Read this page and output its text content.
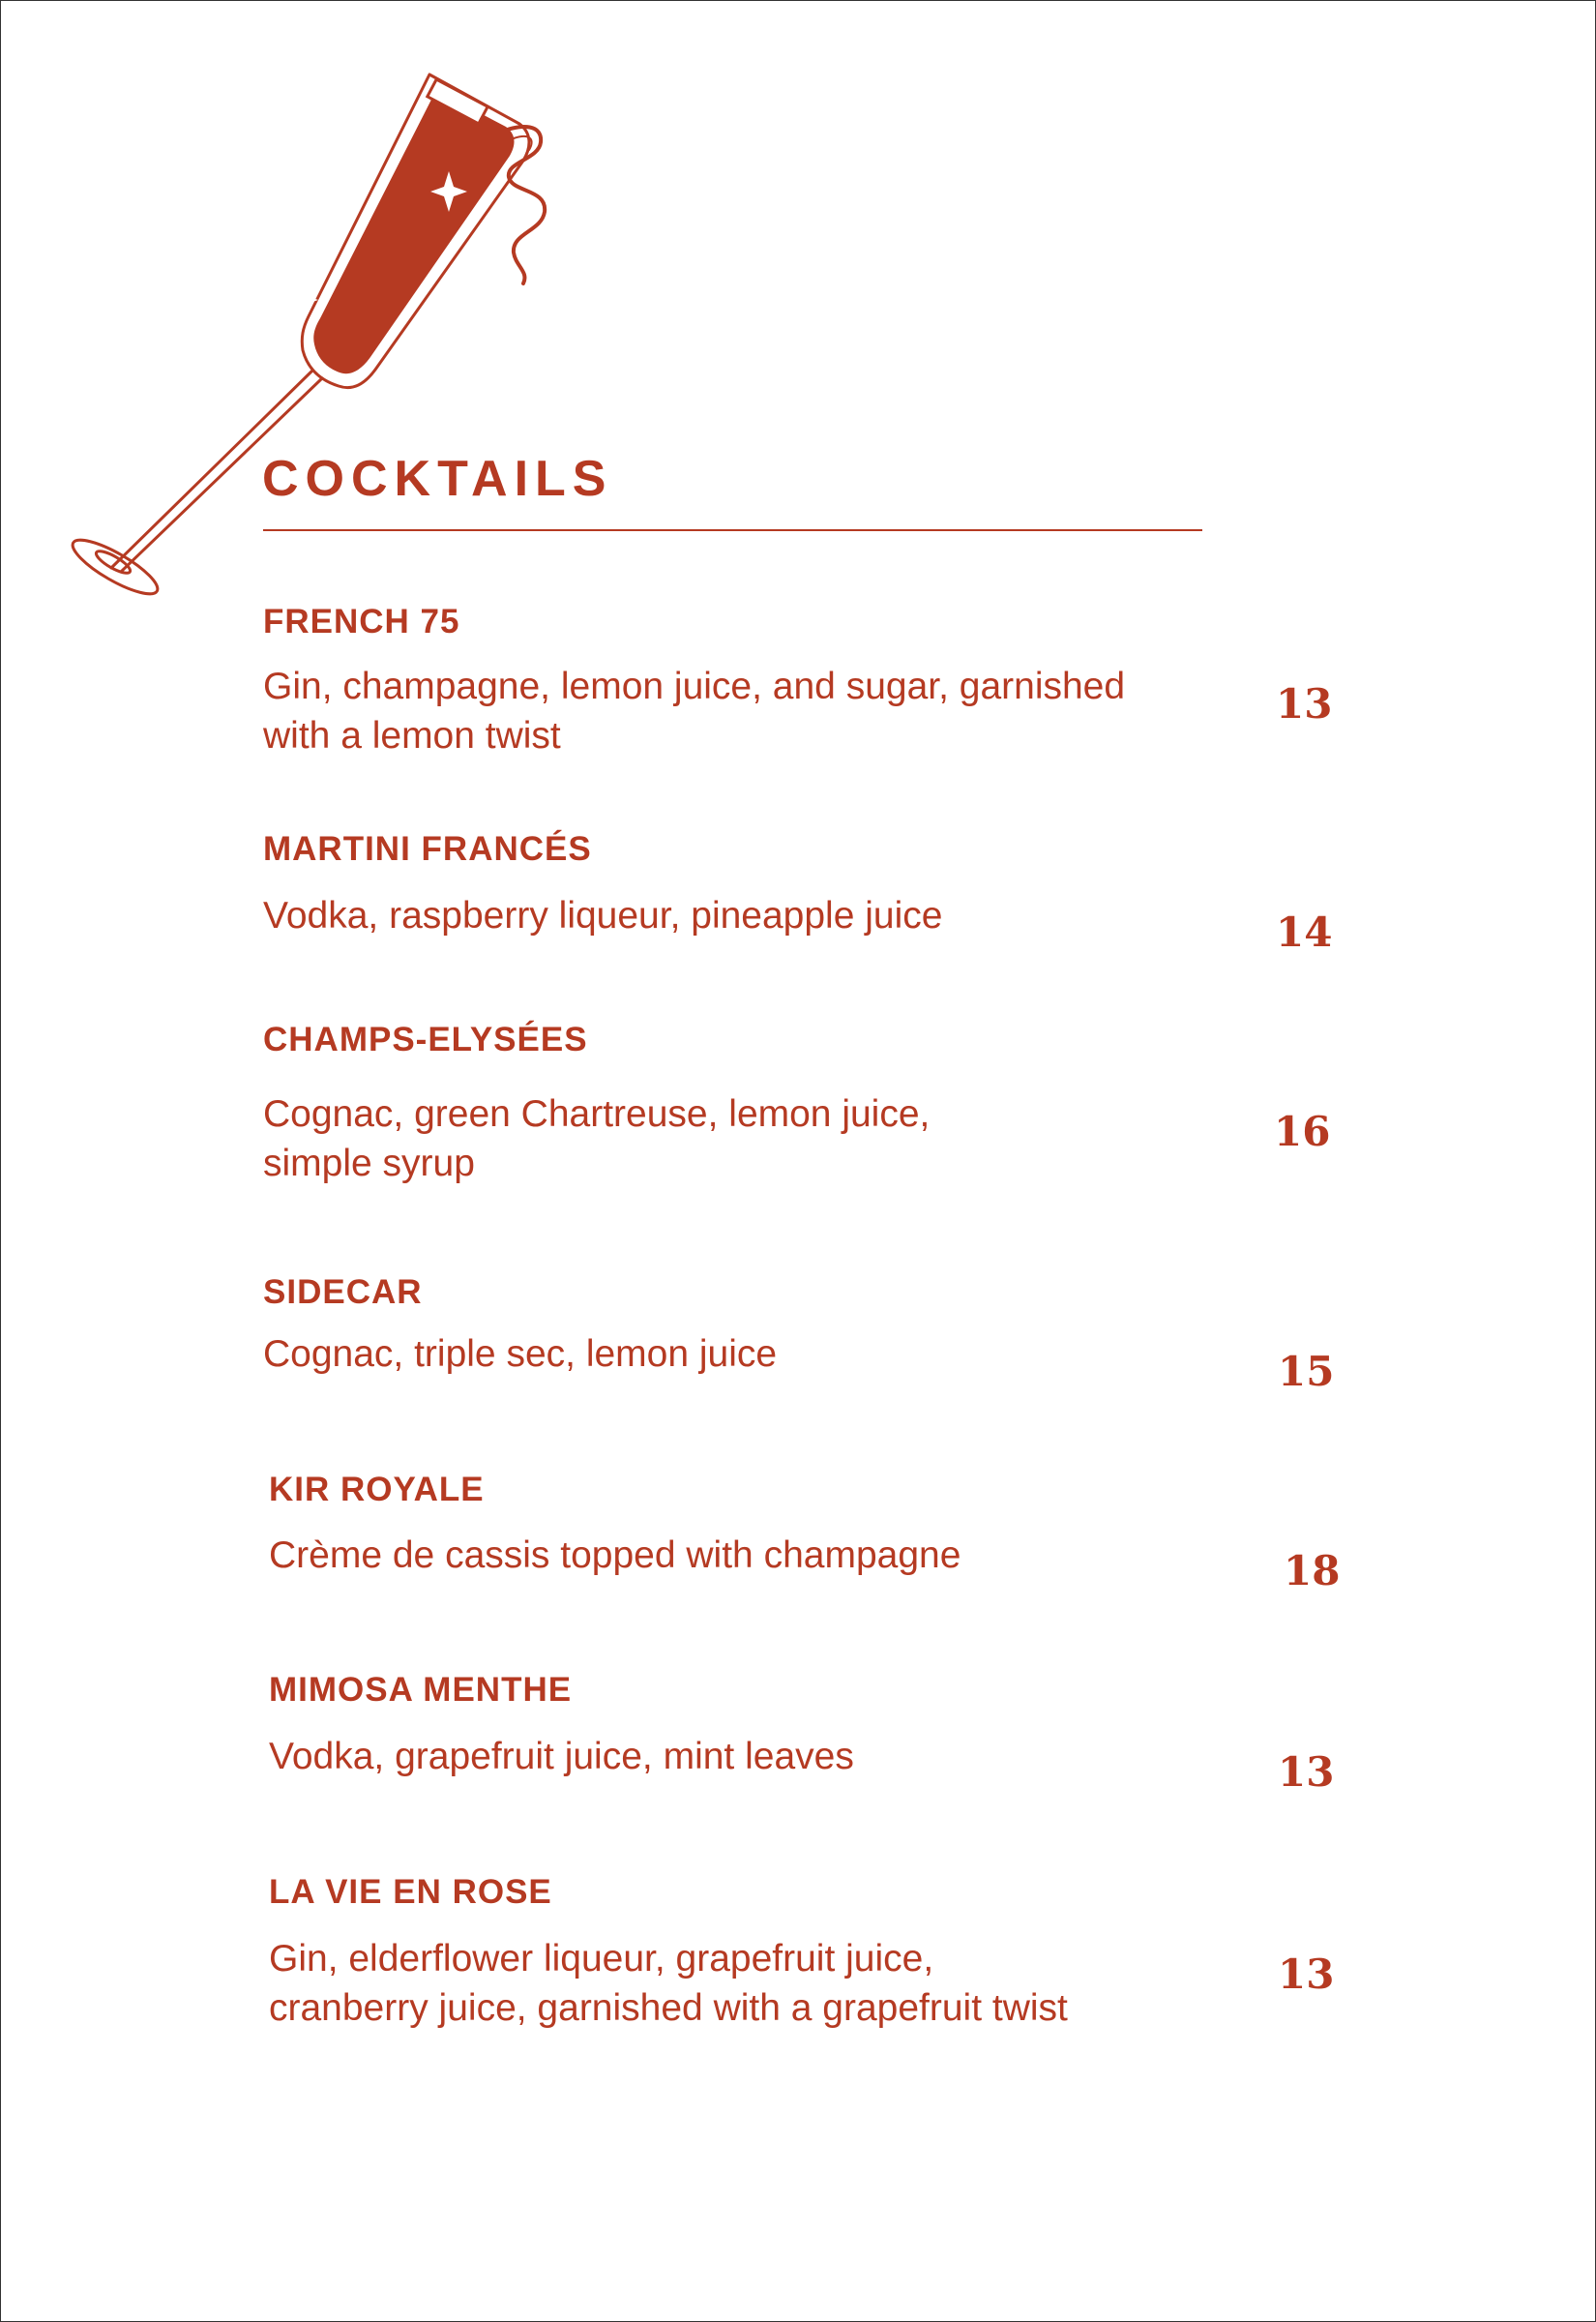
COCKTAILS
FRENCH 75
Gin, champagne, lemon juice, and sugar, garnished
with a lemon twist
13
MARTINI FRANCÉS
Vodka, raspberry liqueur, pineapple juice	14
CHAMPS-ELYSÉES
Cognac, green Chartreuse, lemon juice,
simple syrup
16
SIDECAR
Cognac, triple sec, lemon juice	15
KIR ROYALE
Crème de cassis topped with champagne	18
MIMOSA MENTHE
Vodka, grapefruit juice, mint leaves	13
LA VIE EN ROSE
Gin, elderflower liqueur, grapefruit juice,
cranberry juice, garnished with a grapefruit twist
13
